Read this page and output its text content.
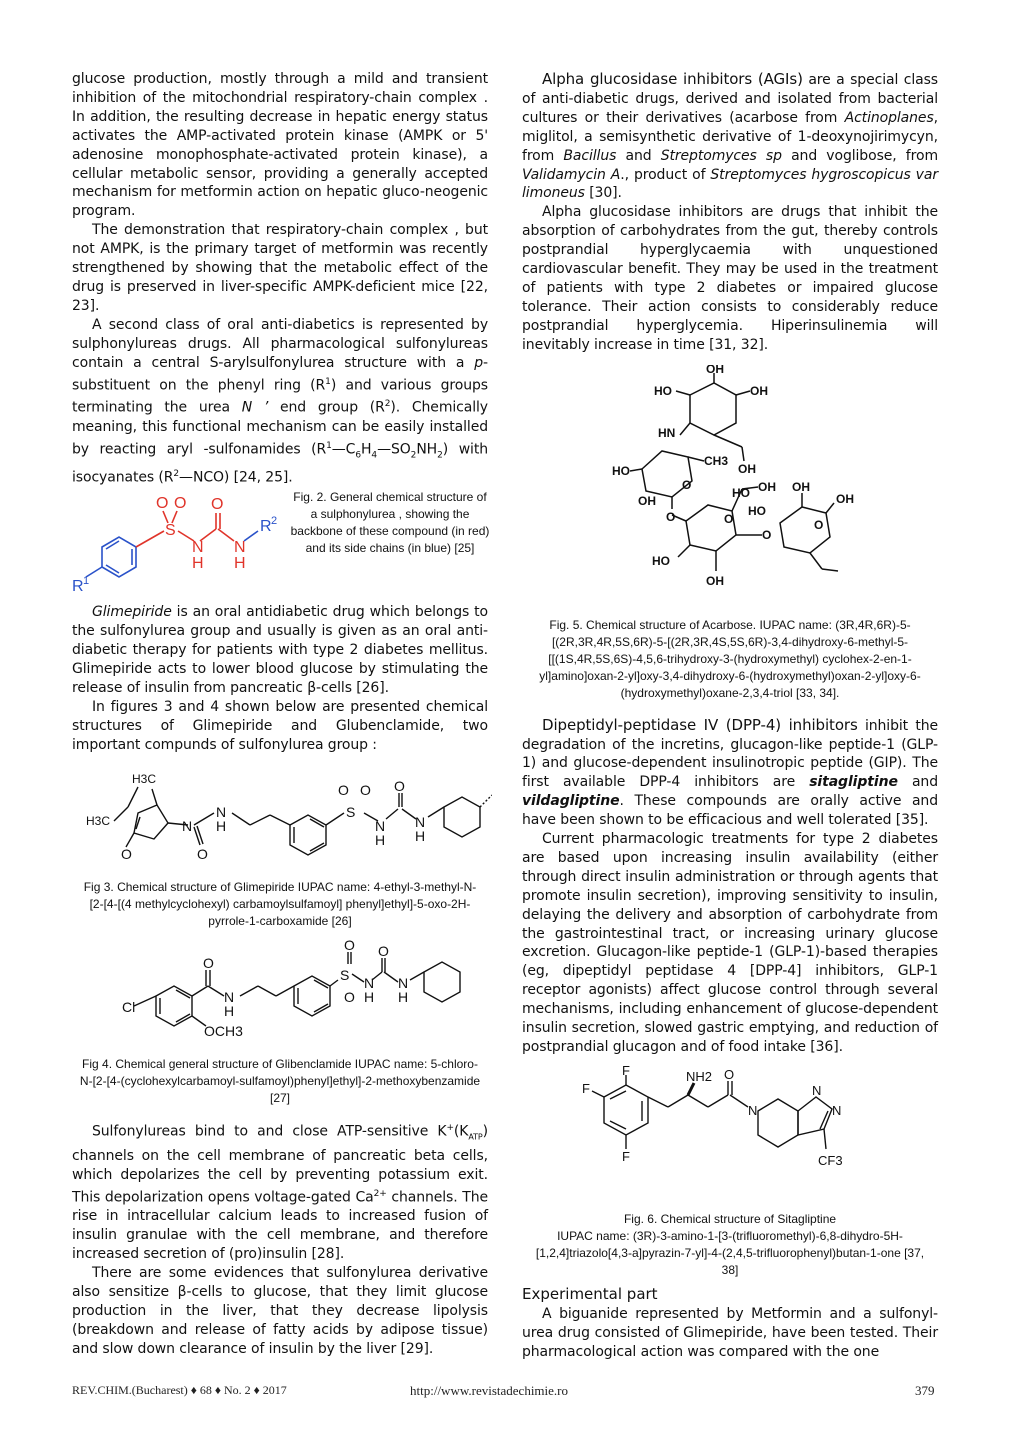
glucose production, mostly through a mild and transient inhibition of the mitochondrial respiratory-chain complex . In addition, the resulting decrease in hepatic energy status activates the AMP-activated protein kinase (AMPK or 5' adenosine monophosphate-activated protein kinase), a cellular metabolic sensor, providing a generally accepted mechanism for metformin action on hepatic gluco-neogenic program.

The demonstration that respiratory-chain complex , but not AMPK, is the primary target of metformin was recently strengthened by showing that the metabolic effect of the drug is preserved in liver-specific AMPK-deficient mice [22, 23].

A second class of oral anti-diabetics is represented by sulphonylureas drugs. All pharmacological sulfonylureas contain a central S-arylsulfonylurea structure with a p-substituent on the phenyl ring $(R^1)$ and various groups terminating the urea N ’ end group $(R^2)$. Chemically meaning, this functional mechanism can be easily installed by reacting aryl -sulfonamides $(R^1—C_6H_4—SO_2NH_2)$ with isocyanates $(R^2—NCO)$ [24, 25].

S
O O O
N
H
N
H
R 2
R 1

Fig. 2. General chemical structure of a sulphonylurea , showing the backbone of these compound (in red) and its side chains (in blue) [25]

Glimepiride is an oral antidiabetic drug which belongs to the sulfonylurea group and usually is given as an oral anti-diabetic therapy for patients with type 2 diabetes mellitus. Glimepiride acts to lower blood glucose by stimulating the release of insulin from pancreatic β-cells [26].

In figures 3 and 4 shown below are presented chemical structures of Glimepiride and Glubenclamide, two important compunds of sulfonylurea group :

H3C
H3C
O
N
O
N
H
O O
S
N
H
O
N
H

Fig 3. Chemical structure of Glimepiride IUPAC name: 4-ethyl-3-methyl-N-[2-[4-[(4 methylcyclohexyl) carbamoylsulfamoyl] phenyl]ethyl]-5-oxo-2H-pyrrole-1-carboxamide [26]

Cl
O
N
H
OCH3
O
O
S N
H
O
N
H

Fig 4. Chemical general structure of Glibenclamide IUPAC name: 5-chloro-N-[2-[4-(cyclohexylcarbamoyl-sulfamoyl)phenyl]ethyl]-2-methoxybenzamide [27]

Sulfonylureas bind to and close ATP-sensitive $K^+(K_{ATP})$ channels on the cell membrane of pancreatic beta cells, which depolarizes the cell by preventing potassium exit. This depolarization opens voltage-gated $Ca^{2+}$ channels. The rise in intracellular calcium leads to increased fusion of insulin granulae with the cell membrane, and therefore increased secretion of (pro)insulin [28].

There are some evidences that sulfonylurea derivative also sensitize β-cells to glucose, that they limit glucose production in the liver, that they decrease lipolysis (breakdown and release of fatty acids by adipose tissue) and slow down clearance of insulin by the liver [29].

Alpha glucosidase inhibitors (AGIs) are a special class of anti-diabetic drugs, derived and isolated from bacterial cultures or their derivatives (acarbose from Actinoplanes, miglitol, a semisynthetic derivative of 1-deoxynojirimycyn, from Bacillus and Streptomyces sp and voglibose, from Validamycin A., product of Streptomyces hygroscopicus var limoneus [30].

Alpha glucosidase inhibitors are drugs that inhibit the absorption of carbohydrates from the gut, thereby controls postprandial hyperglycaemia with unquestioned cardiovascular benefit. They may be used in the treatment of patients with type 2 diabetes or impaired glucose tolerance. Their action consists to considerably reduce postprandial hyperglycemia. Hiperinsulinemia will inevitably increase in time [31, 32].

OH
HO	OH
HN
OH
HO
CH3
O
OH
HO
O	O
OH
HO
OH
O
HO
O
OH
OH

Fig. 5. Chemical structure of Acarbose. IUPAC name: (3R,4R,6R)-5-[(2R,3R,4R,5S,6R)-5-[(2R,3R,4S,5S,6R)-3,4-dihydroxy-6-methyl-5-[[(1S,4R,5S,6S)-4,5,6-trihydroxy-3-(hydroxymethyl) cyclohex-2-en-1-yl]amino]oxan-2-yl]oxy-3,4-dihydroxy-6-(hydroxymethyl)oxan-2-yl]oxy-6-(hydroxymethyl)oxane-2,3,4-triol [33, 34].

Dipeptidyl-peptidase IV (DPP-4) inhibitors inhibit the degradation of the incretins, glucagon-like peptide-1 (GLP-1) and glucose-dependent insulinotropic peptide (GIP). The first available DPP-4 inhibitors are sitagliptine and vildagliptine. These compounds are orally active and have been shown to be efficacious and well tolerated [35].

Current pharmacologic treatments for type 2 diabetes are based upon increasing insulin availability (either through direct insulin administration or through agents that promote insulin secretion), improving sensitivity to insulin, delaying the delivery and absorption of carbohydrate from the gastrointestinal tract, or increasing urinary glucose excretion. Glucagon-like peptide-1 (GLP-1)-based therapies (eg, dipeptidyl peptidase 4 [DPP-4] inhibitors, GLP-1 receptor agonists) affect glucose control through several mechanisms, including enhancement of glucose-dependent insulin secretion, slowed gastric emptying, and reduction of postprandial glucagon and of food intake [36].

F
F
F
NH2 O
N
N
N
CF3

Fig. 6. Chemical structure of Sitagliptine
IUPAC name: (3R)-3-amino-1-[3-(trifluoromethyl)-6,8-dihydro-5H-[1,2,4]triazolo[4,3-a]pyrazin-7-yl]-4-(2,4,5-trifluorophenyl)butan-1-one [37, 38]

Experimental part

A biguanide represented by Metformin and a sulfonyl-urea drug consisted of Glimepiride, have been tested. Their pharmacological action was compared with the one

REV.CHIM.(Bucharest) ♦ 68 ♦ No. 2 ♦ 2017	http://www.revistadechimie.ro	379
